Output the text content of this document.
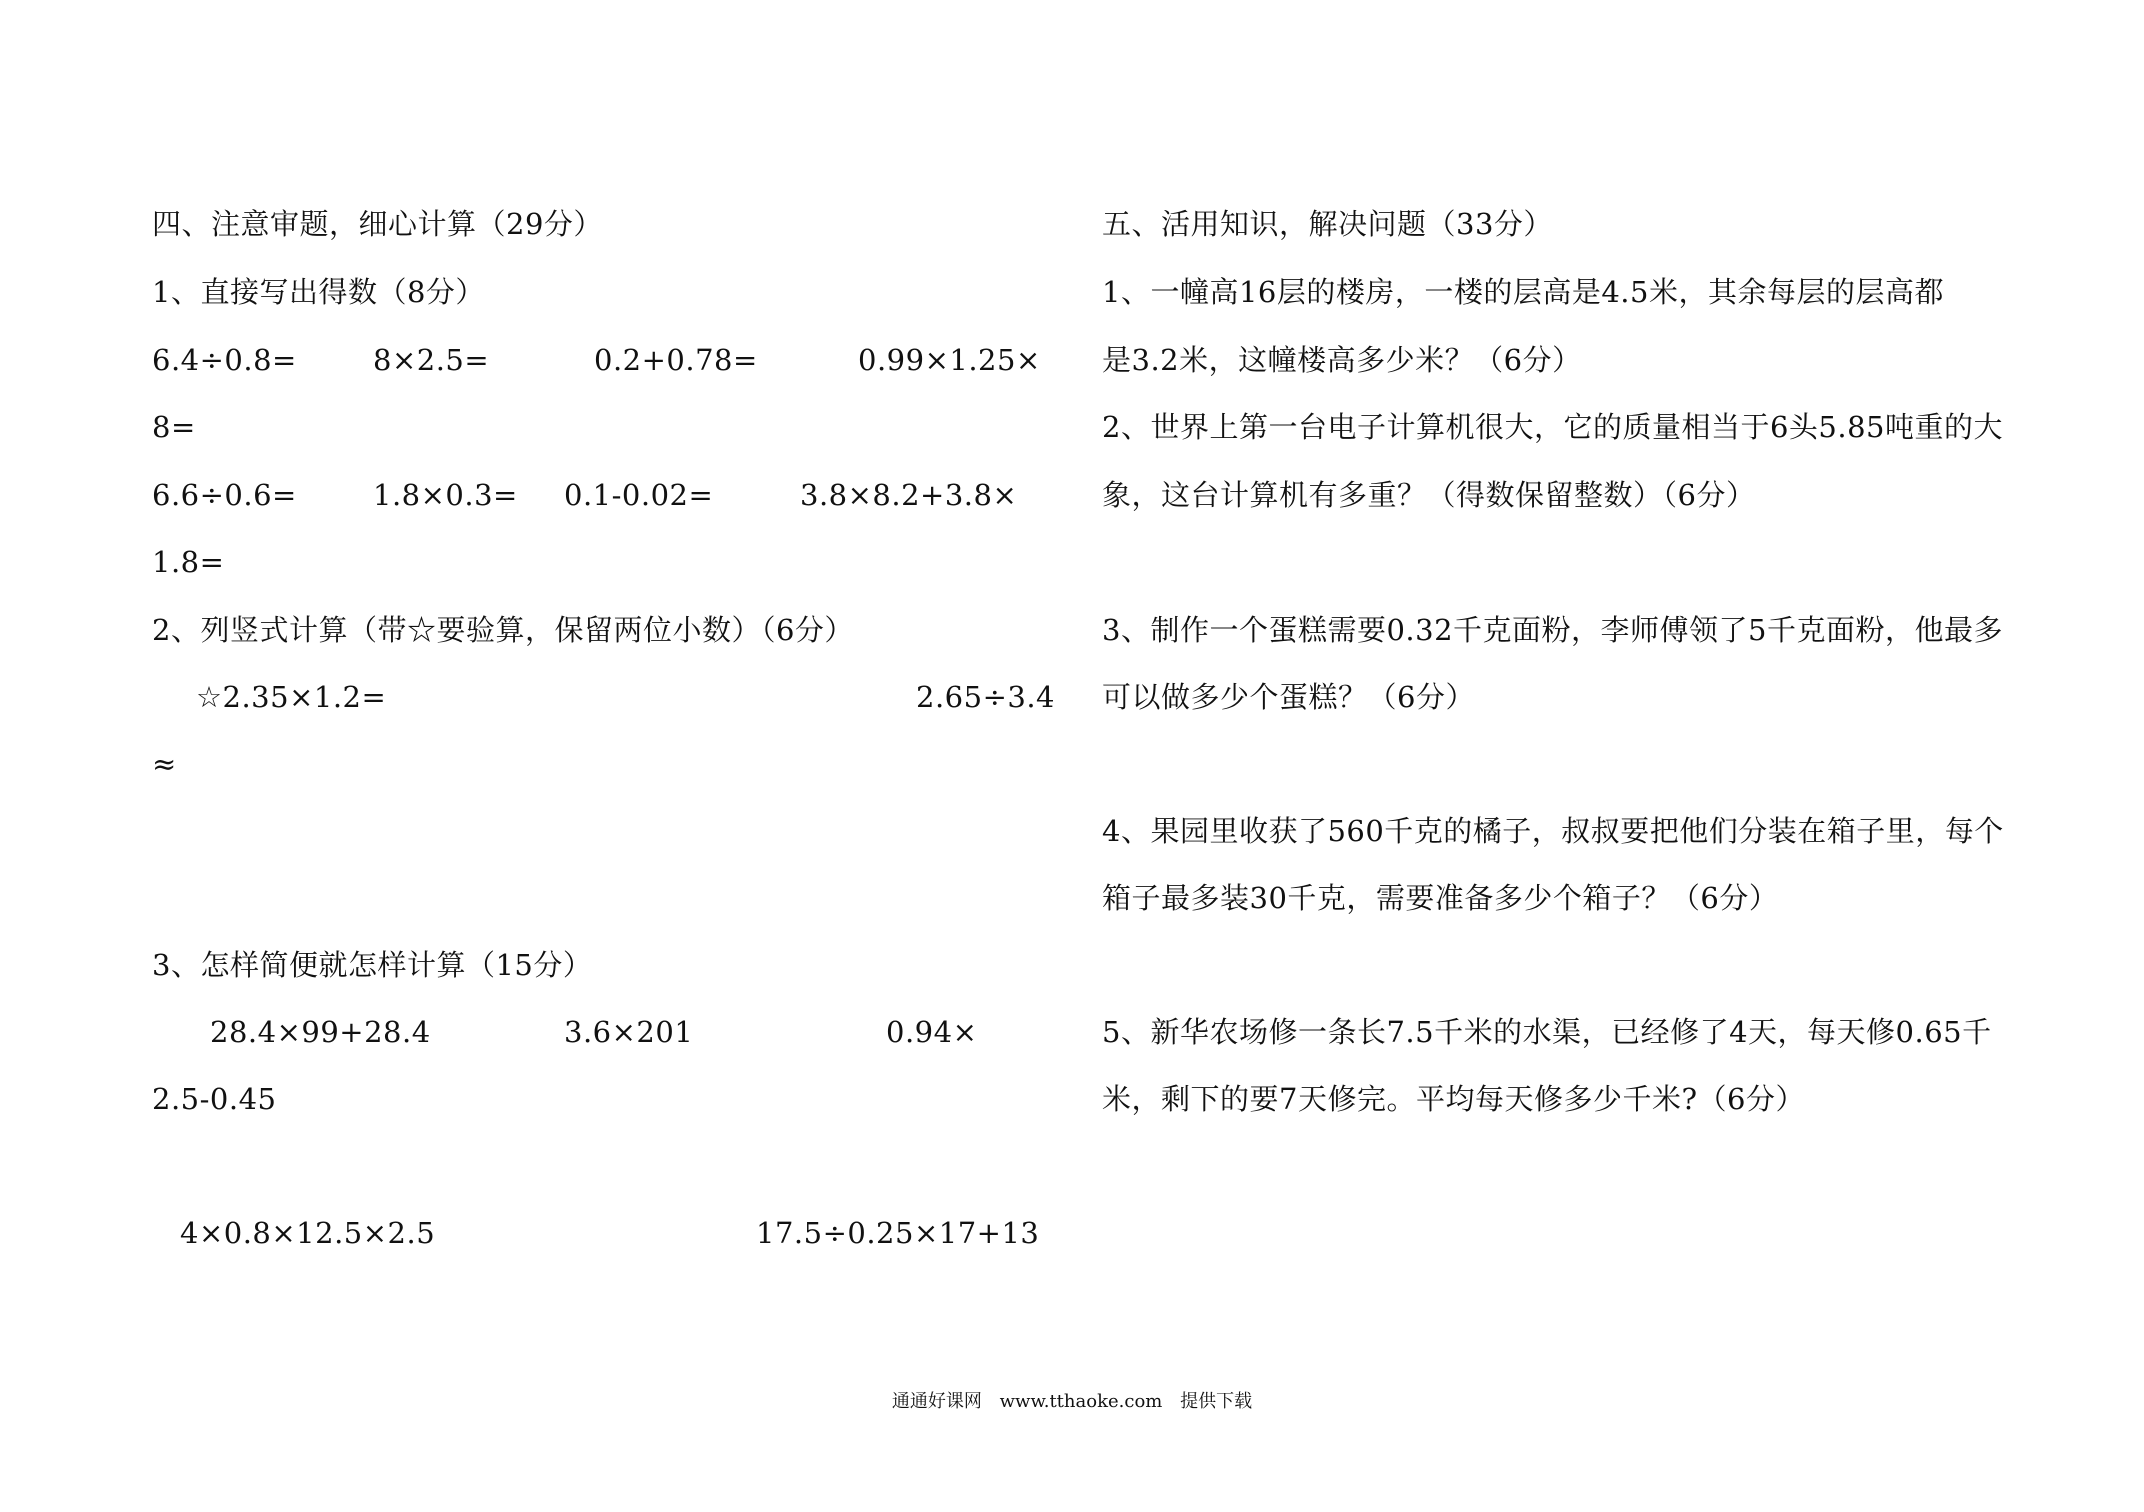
四、注意审题，细心计算（29分）
1、直接写出得数（8分）
6.4÷0.8=	8×2.5=	0.2+0.78=	0.99×1.25×
8=
6.6÷0.6=	1.8×0.3= 0.1-0.02=	3.8×8.2+3.8×
1.8=
2、列竖式计算（带☆要验算，保留两位小数）（6分）
☆2.35×1.2=	2.65÷3.4
≈
3、怎样简便就怎样计算（15分）
28.4×99+28.4	3.6×201	0.94×
2.5-0.45
4×0.8×12.5×2.5	17.5÷0.25×17+13
五、活用知识，解决问题（33分）
1、一幢高16层的楼房，一楼的层高是4.5米，其余每层的层高都
是3.2米，这幢楼高多少米？（6分）
2、世界上第一台电子计算机很大，它的质量相当于6头5.85吨重的大
象，这台计算机有多重？（得数保留整数）（6分）
3、制作一个蛋糕需要0.32千克面粉，李师傅领了5千克面粉，他最多
可以做多少个蛋糕？（6分）
4、果园里收获了560千克的橘子，叔叔要把他们分装在箱子里，每个
箱子最多装30千克，需要准备多少个箱子？（6分）
5、新华农场修一条长7.5千米的水渠，已经修了4天，每天修0.65千
米，剩下的要7天修完。平均每天修多少千米?（6分）
通通好课网 www.tthaoke.com 提供下载
